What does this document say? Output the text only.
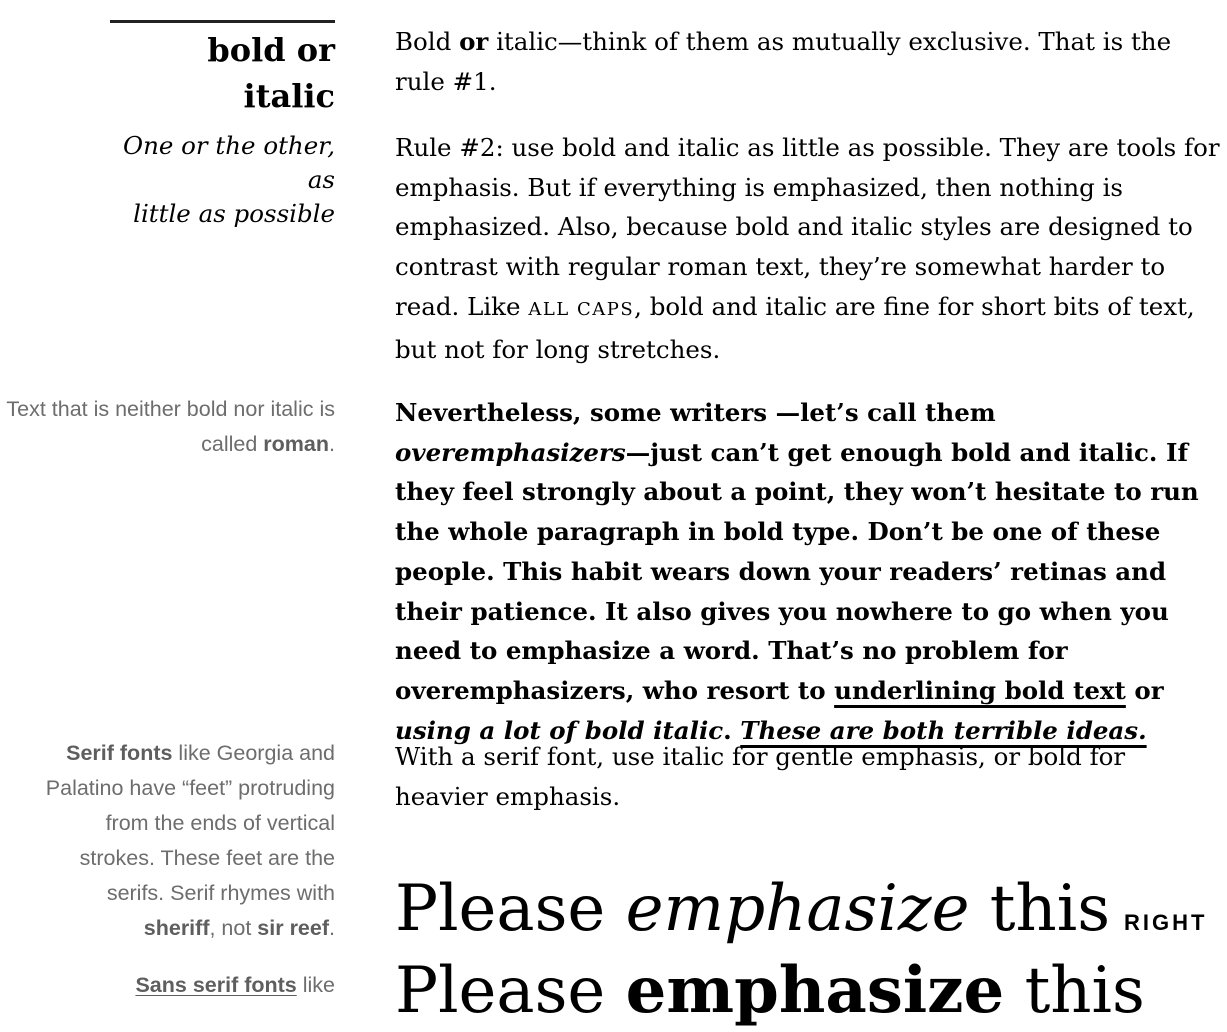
bold or italic
One or the other, as
little as possible
Text that is neither bold nor italic is called roman.
Serif fonts like Georgia and Palatino have “feet” protruding from the ends of vertical strokes. These feet are the serifs. Serif rhymes with sheriff, not sir reef.
Sans serif fonts like

Bold or italic—think of them as mutually exclusive. That is the rule #1.

Rule #2: use bold and italic as little as possible. They are tools for emphasis. But if everything is emphasized, then nothing is emphasized. Also, because bold and italic styles are designed to contrast with regular roman text, they’re somewhat harder to read. Like ALL CAPS, bold and italic are fine for short bits of text, but not for long stretches.

Nevertheless, some writers —let’s call them overemphasizers—just can’t get enough bold and italic. If they feel strongly about a point, they won’t hesitate to run the whole paragraph in bold type. Don’t be one of these people. This habit wears down your readers’ retinas and their patience. It also gives you nowhere to go when you need to emphasize a word. That’s no problem for overemphasizers, who resort to underlining bold text or using a lot of bold italic. These are both terrible ideas.

With a serif font, use italic for gentle emphasis, or bold for heavier emphasis.

Please emphasize this
Please emphasize this
RIGHT
